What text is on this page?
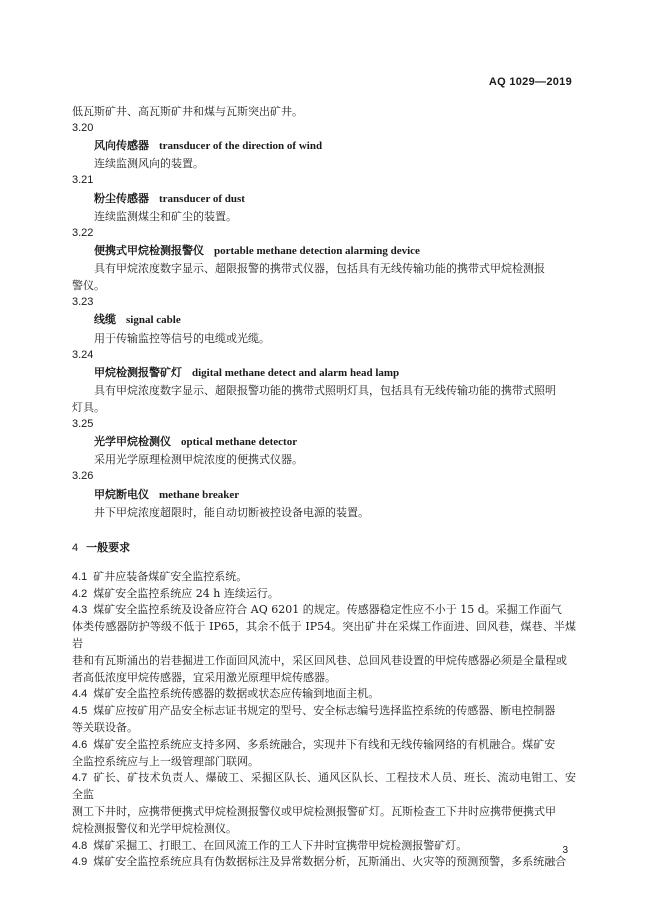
AQ 1029—2019

低瓦斯矿井、高瓦斯矿井和煤与瓦斯突出矿井。

3.20

风向传感器 transducer of the direction of wind

连续监测风向的装置。

3.21

粉尘传感器 transducer of dust

连续监测煤尘和矿尘的装置。

3.22

便携式甲烷检测报警仪 portable methane detection alarming device

具有甲烷浓度数字显示、超限报警的携带式仪器，包括具有无线传输功能的携带式甲烷检测报

警仪。

3.23

线缆 signal cable

用于传输监控等信号的电缆或光缆。

3.24

甲烷检测报警矿灯 digital methane detect and alarm head lamp

具有甲烷浓度数字显示、超限报警功能的携带式照明灯具，包括具有无线传输功能的携带式照明

灯具。

3.25

光学甲烷检测仪 optical methane detector

采用光学原理检测甲烷浓度的便携式仪器。

3.26

甲烷断电仪 methane breaker

井下甲烷浓度超限时，能自动切断被控设备电源的装置。

4 一般要求

4.1 矿井应装备煤矿安全监控系统。

4.2 煤矿安全监控系统应 24 h 连续运行。

4.3 煤矿安全监控系统及设备应符合 AQ 6201 的规定。传感器稳定性应不小于 15 d。采掘工作面气

体类传感器防护等级不低于 IP65，其余不低于 IP54。突出矿井在采煤工作面进、回风巷，煤巷、半煤岩

巷和有瓦斯涌出的岩巷掘进工作面回风流中，采区回风巷、总回风巷设置的甲烷传感器必须是全量程或

者高低浓度甲烷传感器，宜采用激光原理甲烷传感器。

4.4 煤矿安全监控系统传感器的数据或状态应传输到地面主机。

4.5 煤矿应按矿用产品安全标志证书规定的型号、安全标志编号选择监控系统的传感器、断电控制器

等关联设备。

4.6 煤矿安全监控系统应支持多网、多系统融合，实现井下有线和无线传输网络的有机融合。煤矿安

全监控系统应与上一级管理部门联网。

4.7 矿长、矿技术负责人、爆破工、采掘区队长、通风区队长、工程技术人员、班长、流动电钳工、安全监

测工下井时，应携带便携式甲烷检测报警仪或甲烷检测报警矿灯。瓦斯检查工下井时应携带便携式甲

烷检测报警仪和光学甲烷检测仪。

4.8 煤矿采掘工、打眼工、在回风流工作的工人下井时宜携带甲烷检测报警矿灯。

4.9 煤矿安全监控系统应具有伪数据标注及异常数据分析，瓦斯涌出、火灾等的预测预警，多系统融合

3
